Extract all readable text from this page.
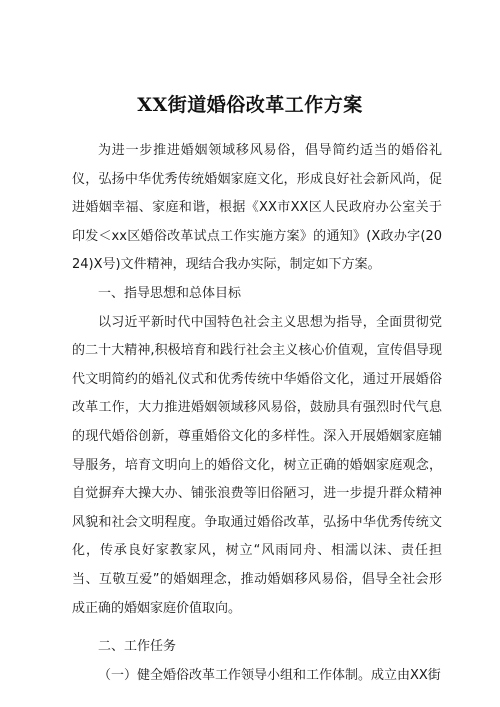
XX街道婚俗改革工作方案

为进一步推进婚姻领域移风易俗，倡导简约适当的婚俗礼仪，弘扬中华优秀传统婚姻家庭文化，形成良好社会新风尚，促进婚姻幸福、家庭和谐，根据《XX市XX区人民政府办公室关于印发＜xx区婚俗改革试点工作实施方案》的通知》(X政办字(2024)X号)文件精神，现结合我办实际，制定如下方案。

一、指导思想和总体目标

以习近平新时代中国特色社会主义思想为指导，全面贯彻党的二十大精神,积极培育和践行社会主义核心价值观，宣传倡导现代文明简约的婚礼仪式和优秀传统中华婚俗文化，通过开展婚俗改革工作，大力推进婚姻领域移风易俗，鼓励具有强烈时代气息的现代婚俗创新，尊重婚俗文化的多样性。深入开展婚姻家庭辅导服务，培育文明向上的婚俗文化，树立正确的婚姻家庭观念，自觉摒弃大操大办、铺张浪费等旧俗陋习，进一步提升群众精神风貌和社会文明程度。争取通过婚俗改革，弘扬中华优秀传统文化，传承良好家教家风，树立“风雨同舟、相濡以沫、责任担当、互敬互爱”的婚姻理念，推动婚姻移风易俗，倡导全社会形成正确的婚姻家庭价值取向。

二、工作任务

（一）健全婚俗改革工作领导小组和工作体制。成立由XX街
